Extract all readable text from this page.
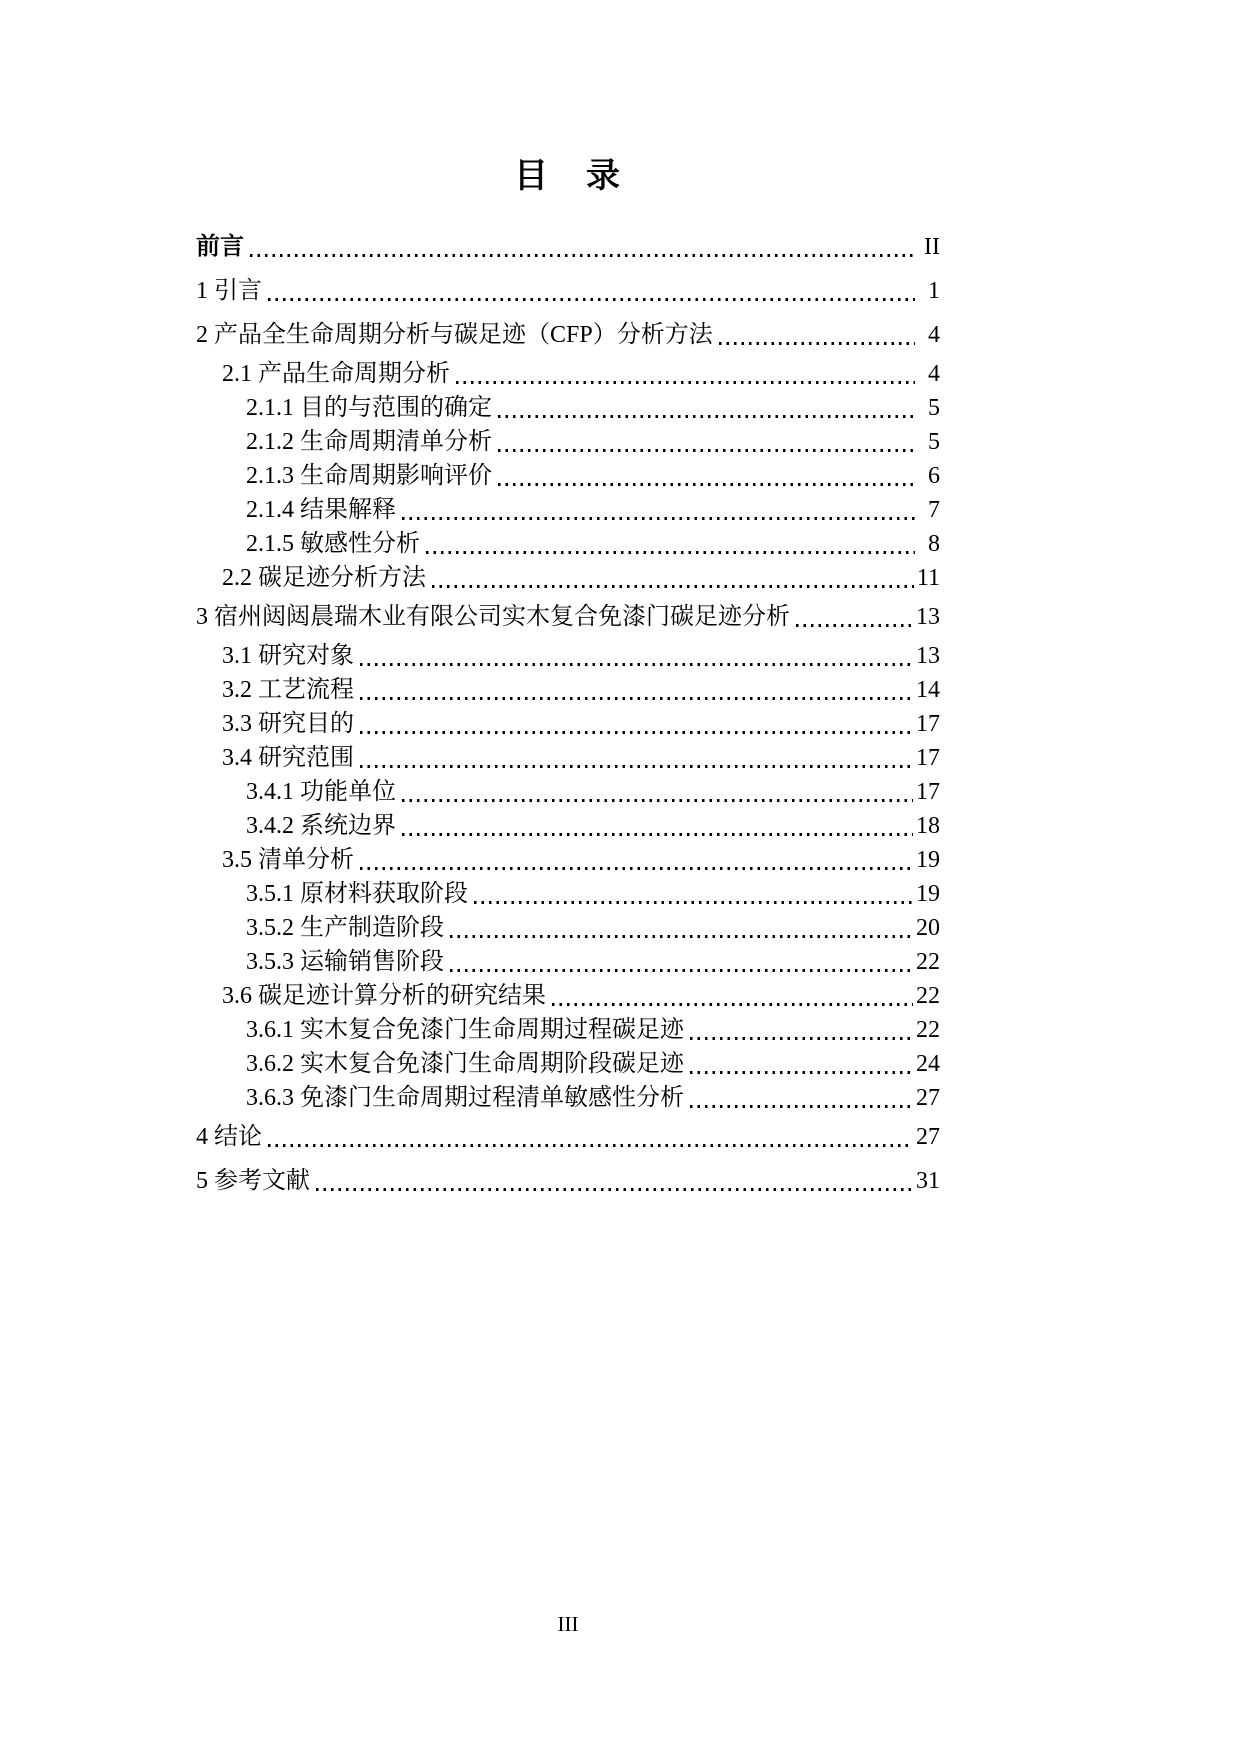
目　录
前言	II
1 引言	1
2 产品全生命周期分析与碳足迹（CFP）分析方法	4
2.1 产品生命周期分析	4
2.1.1 目的与范围的确定	5
2.1.2 生命周期清单分析	5
2.1.3 生命周期影响评价	6
2.1.4 结果解释	7
2.1.5 敏感性分析	8
2.2 碳足迹分析方法	11
3 宿州闼闼晨瑞木业有限公司实木复合免漆门碳足迹分析	13
3.1 研究对象	13
3.2 工艺流程	14
3.3 研究目的	17
3.4 研究范围	17
3.4.1 功能单位	17
3.4.2 系统边界	18
3.5 清单分析	19
3.5.1 原材料获取阶段	19
3.5.2 生产制造阶段	20
3.5.3 运输销售阶段	22
3.6 碳足迹计算分析的研究结果	22
3.6.1 实木复合免漆门生命周期过程碳足迹	22
3.6.2 实木复合免漆门生命周期阶段碳足迹	24
3.6.3 免漆门生命周期过程清单敏感性分析	27
4 结论	27
5 参考文献	31
III
